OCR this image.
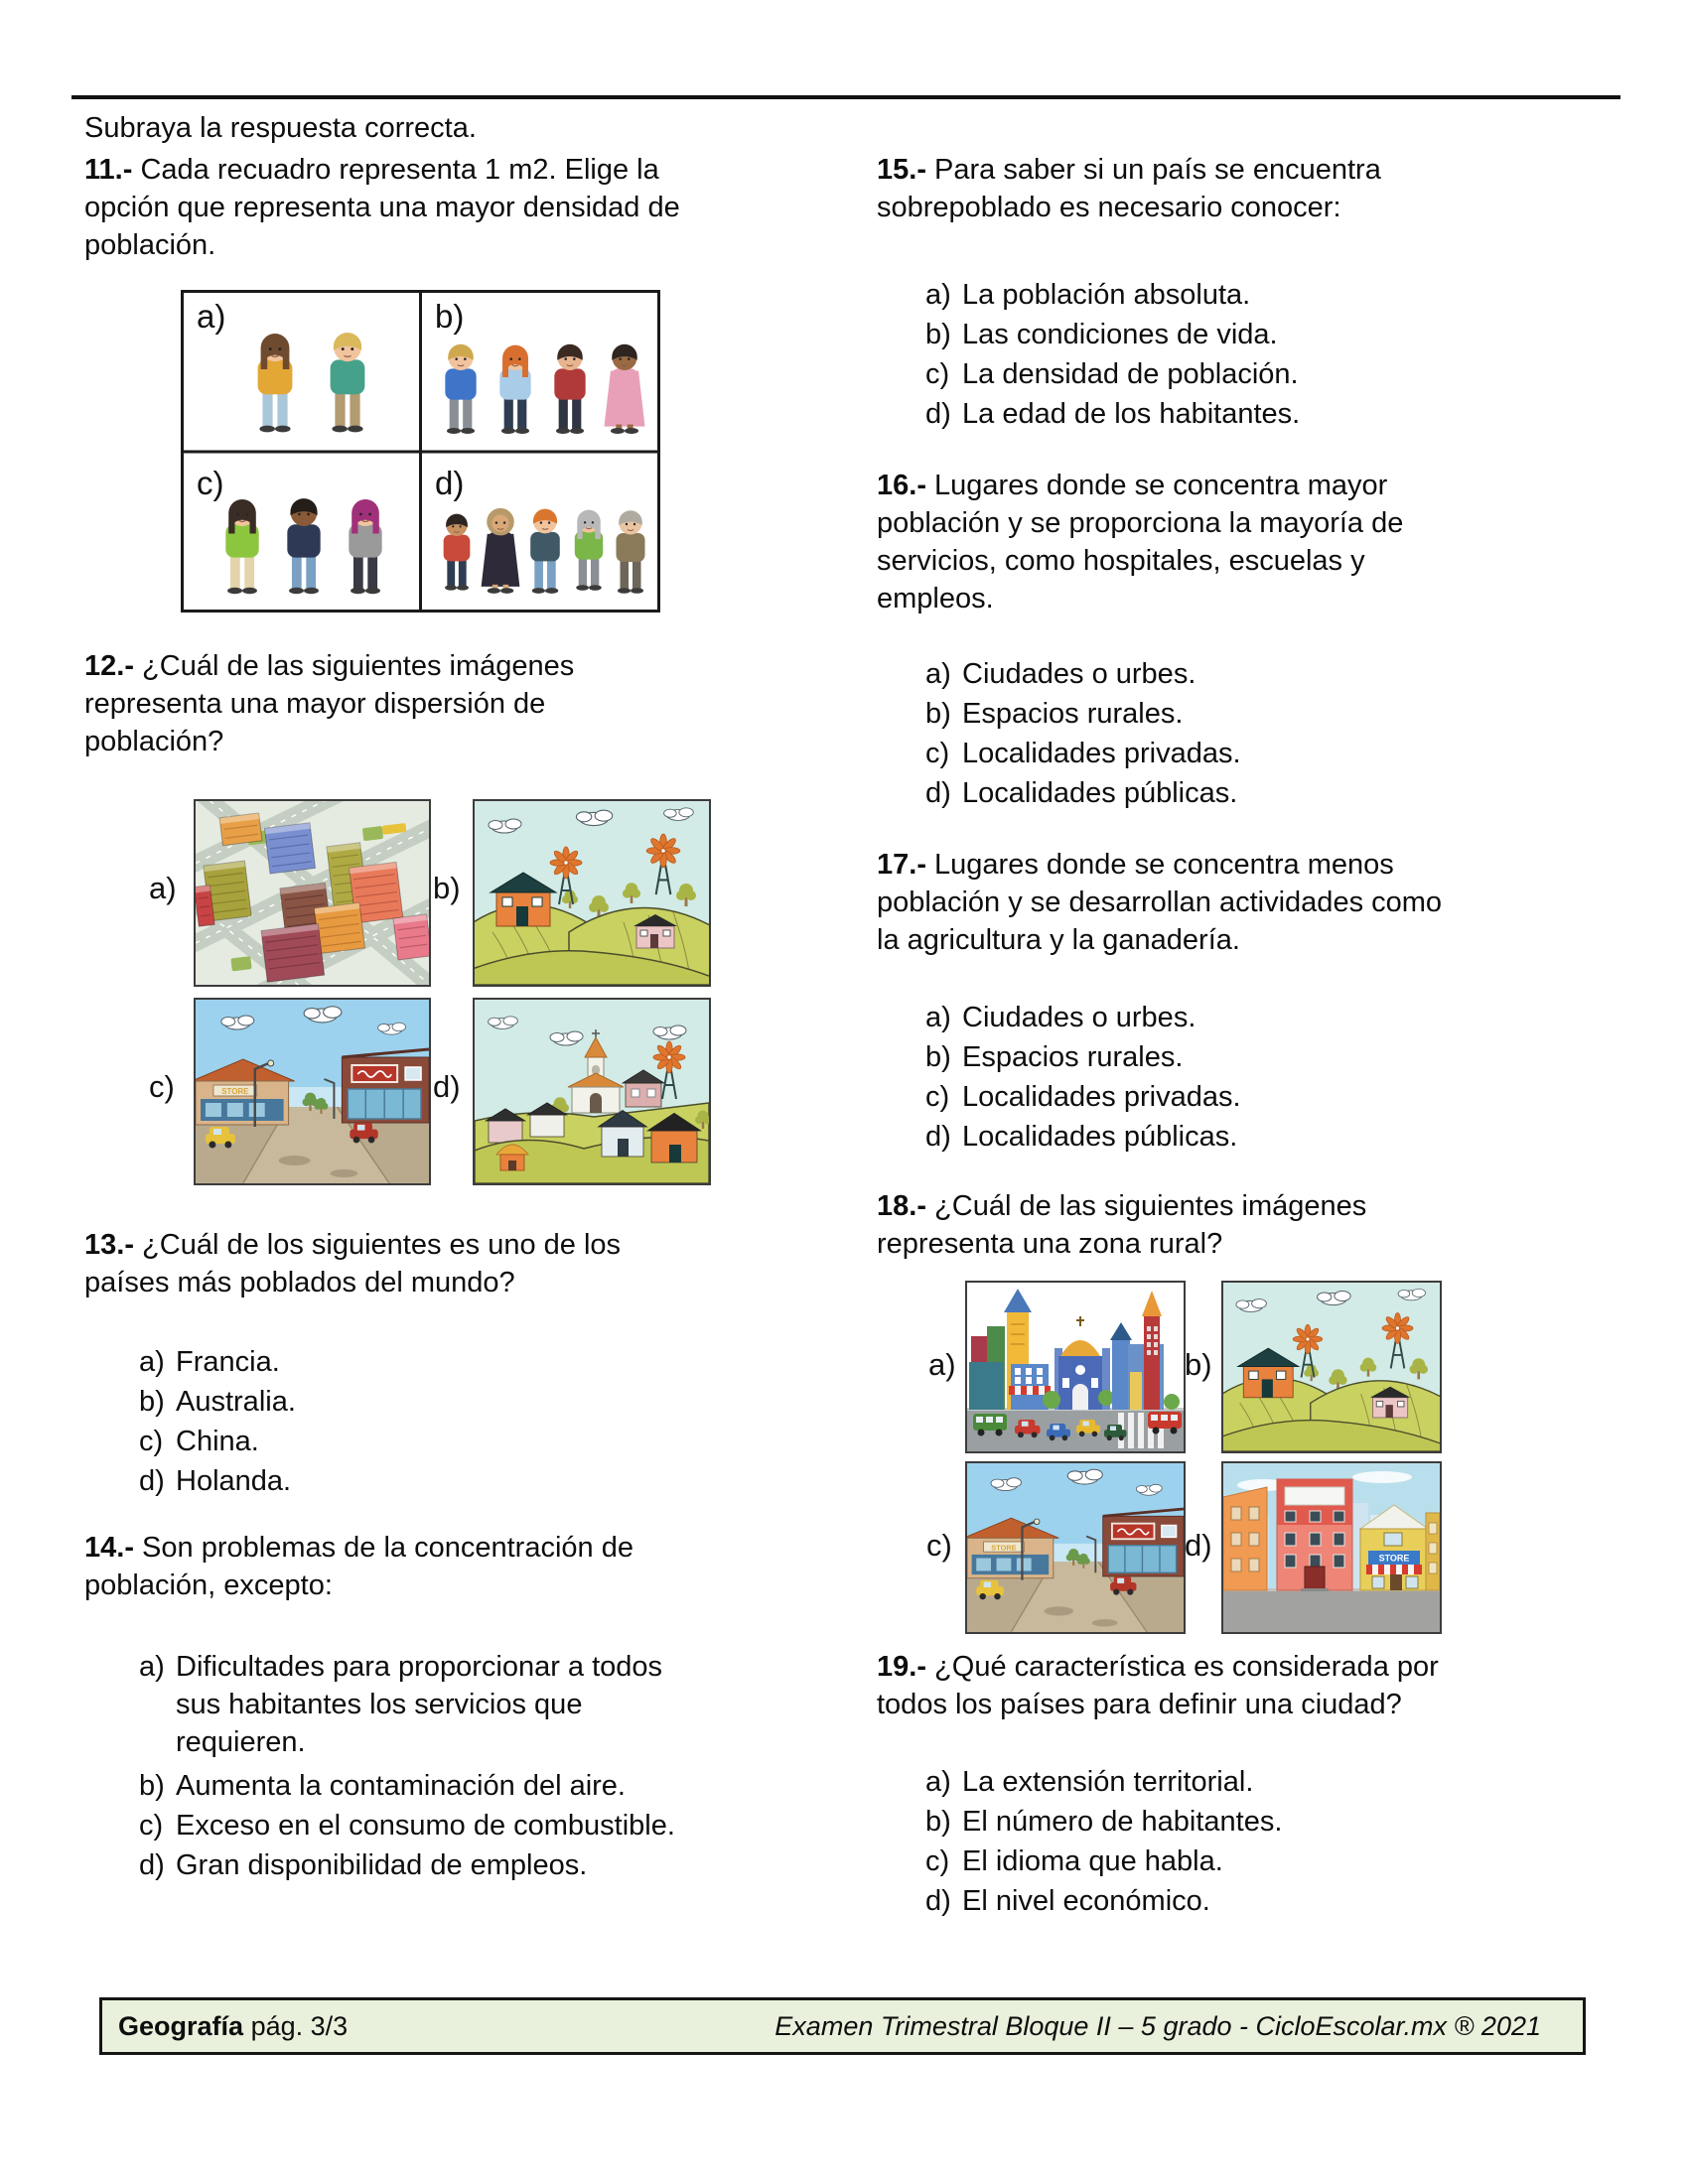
Subraya la respuesta correcta.
11.- Cada recuadro representa 1 m2. Elige la
opción que representa una mayor densidad de
población.
a)	b)
c)	d)
12.- ¿Cuál de las siguientes imágenes
representa una mayor dispersión de
población?
a)	b)
c)	STORE	d)
13.- ¿Cuál de los siguientes es uno de los
países más poblados del mundo?
a) Francia.
b) Australia.
c) China.
d) Holanda.
14.- Son problemas de la concentración de
población, excepto:
a) Dificultades para proporcionar a todos
sus habitantes los servicios que
requieren.
b) Aumenta la contaminación del aire.
c) Exceso en el consumo de combustible.
d) Gran disponibilidad de empleos.
15.- Para saber si un país se encuentra
sobrepoblado es necesario conocer:
a) La población absoluta.
b) Las condiciones de vida.
c) La densidad de población.
d) La edad de los habitantes.
16.- Lugares donde se concentra mayor
población y se proporciona la mayoría de
servicios, como hospitales, escuelas y
empleos.
a) Ciudades o urbes.
b) Espacios rurales.
c) Localidades privadas.
d) Localidades públicas.
17.- Lugares donde se concentra menos
población y se desarrollan actividades como
la agricultura y la ganadería.
a) Ciudades o urbes.
b) Espacios rurales.
c) Localidades privadas.
d) Localidades públicas.
18.- ¿Cuál de las siguientes imágenes
representa una zona rural?
a)	b)
c)	STORE	d)	STORE
19.- ¿Qué característica es considerada por
todos los países para definir una ciudad?
a) La extensión territorial.
b) El número de habitantes.
c) El idioma que habla.
d) El nivel económico.
Geografía pág. 3/3	Examen Trimestral Bloque II – 5 grado - CicloEscolar.mx ® 2021
